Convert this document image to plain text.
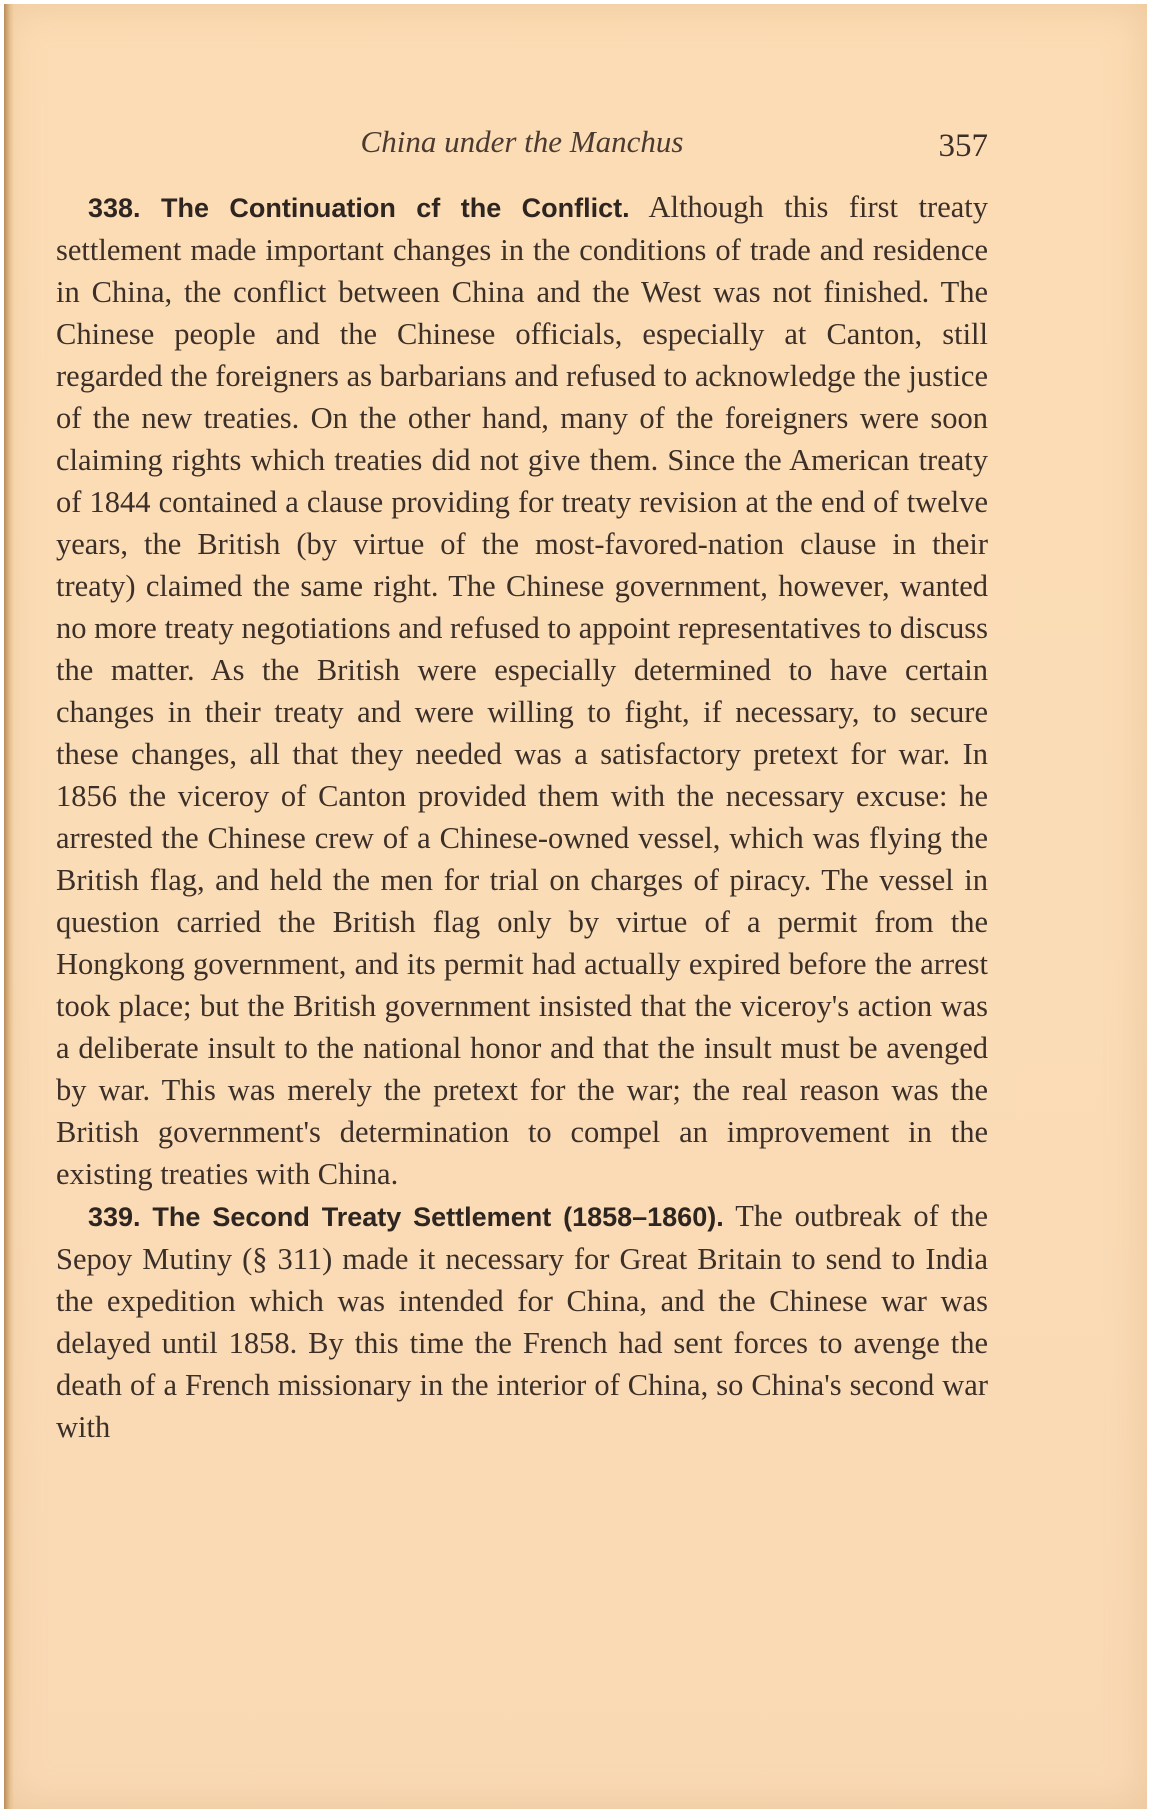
China under the Manchus	357

338. The Continuation cf the Conflict. Although this first treaty settlement made important changes in the conditions of trade and residence in China, the conflict between China and the West was not finished. The Chinese people and the Chinese officials, especially at Canton, still regarded the foreigners as barbarians and refused to acknowledge the justice of the new treaties. On the other hand, many of the foreigners were soon claiming rights which treaties did not give them. Since the American treaty of 1844 contained a clause providing for treaty revision at the end of twelve years, the British (by virtue of the most-favored-nation clause in their treaty) claimed the same right. The Chinese government, however, wanted no more treaty negotiations and refused to appoint representatives to discuss the matter. As the British were especially determined to have certain changes in their treaty and were willing to fight, if necessary, to secure these changes, all that they needed was a satisfactory pretext for war. In 1856 the viceroy of Canton provided them with the necessary excuse: he arrested the Chinese crew of a Chinese-owned vessel, which was flying the British flag, and held the men for trial on charges of piracy. The vessel in question carried the British flag only by virtue of a permit from the Hongkong government, and its permit had actually expired before the arrest took place; but the British government insisted that the viceroy's action was a deliberate insult to the national honor and that the insult must be avenged by war. This was merely the pretext for the war; the real reason was the British government's determination to compel an improvement in the existing treaties with China.

339. The Second Treaty Settlement (1858–1860). The outbreak of the Sepoy Mutiny (§ 311) made it necessary for Great Britain to send to India the expedition which was intended for China, and the Chinese war was delayed until 1858. By this time the French had sent forces to avenge the death of a French missionary in the interior of China, so China's second war with
